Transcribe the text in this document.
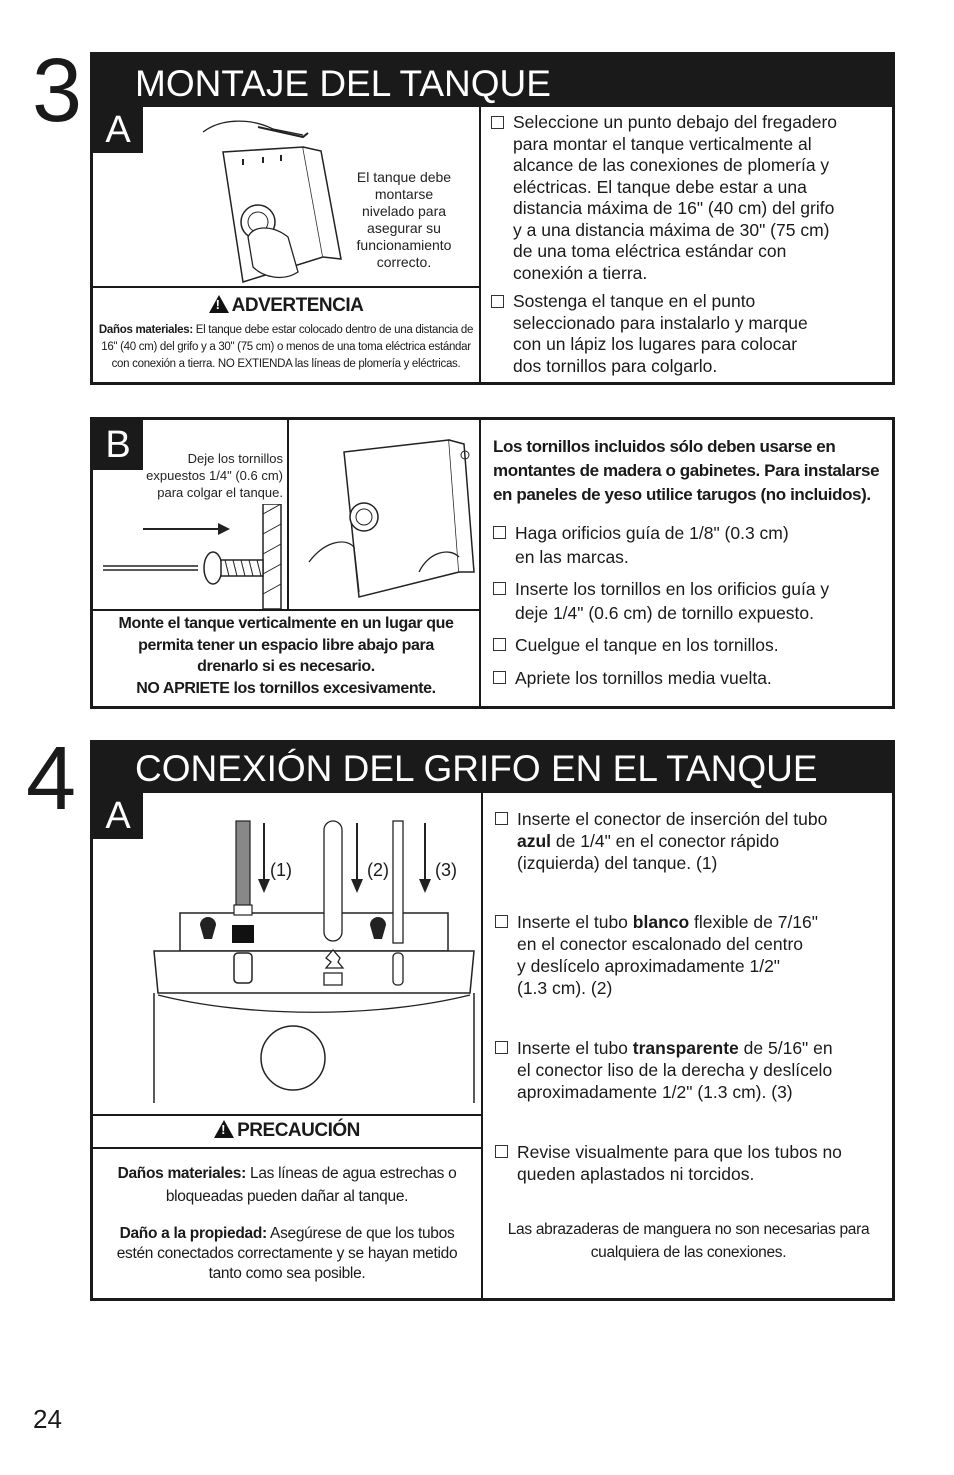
3	MONTAJE DEL TANQUE
A
El tanque debe
montarse
nivelado para
asegurar su
funcionamiento
correcto.
!ADVERTENCIA
Daños materiales: El tanque debe estar colocado dentro de una distancia de
16" (40 cm) del grifo y a 30" (75 cm) o menos de una toma eléctrica estándar
con conexión a tierra. NO EXTIENDA las líneas de plomería y eléctricas.
Seleccione un punto debajo del fregadero
para montar el tanque verticalmente al
alcance de las conexiones de plomería y
eléctricas. El tanque debe estar a una
distancia máxima de 16" (40 cm) del grifo
y a una distancia máxima de 30" (75 cm)
de una toma eléctrica estándar con
conexión a tierra.
Sostenga el tanque en el punto
seleccionado para instalarlo y marque
con un lápiz los lugares para colocar
dos tornillos para colgarlo.
B	Deje los tornillos
expuestos 1/4" (0.6 cm)
para colgar el tanque.
Monte el tanque verticalmente en un lugar que
permita tener un espacio libre abajo para
drenarlo si es necesario.
NO APRIETE los tornillos excesivamente.
Los tornillos incluidos sólo deben usarse en
montantes de madera o gabinetes. Para instalarse
en paneles de yeso utilice tarugos (no incluidos).
Haga orificios guía de 1/8" (0.3 cm)
en las marcas.
Inserte los tornillos en los orificios guía y
deje 1/4" (0.6 cm) de tornillo expuesto.
Cuelgue el tanque en los tornillos.
Apriete los tornillos media vuelta.
4	CONEXIÓN DEL GRIFO EN EL TANQUE
A
(1)	(2)	(3)
!PRECAUCIÓN
Daños materiales: Las líneas de agua estrechas o
bloqueadas pueden dañar al tanque.
Daño a la propiedad: Asegúrese de que los tubos
estén conectados correctamente y se hayan metido
tanto como sea posible.
Inserte el conector de inserción del tubo
azul de 1/4" en el conector rápido
(izquierda) del tanque. (1)
Inserte el tubo blanco flexible de 7/16"
en el conector escalonado del centro
y deslícelo aproximadamente 1/2"
(1.3 cm). (2)
Inserte el tubo transparente de 5/16" en
el conector liso de la derecha y deslícelo
aproximadamente 1/2" (1.3 cm). (3)
Revise visualmente para que los tubos no
queden aplastados ni torcidos.
Las abrazaderas de manguera no son necesarias para
cualquiera de las conexiones.
24
